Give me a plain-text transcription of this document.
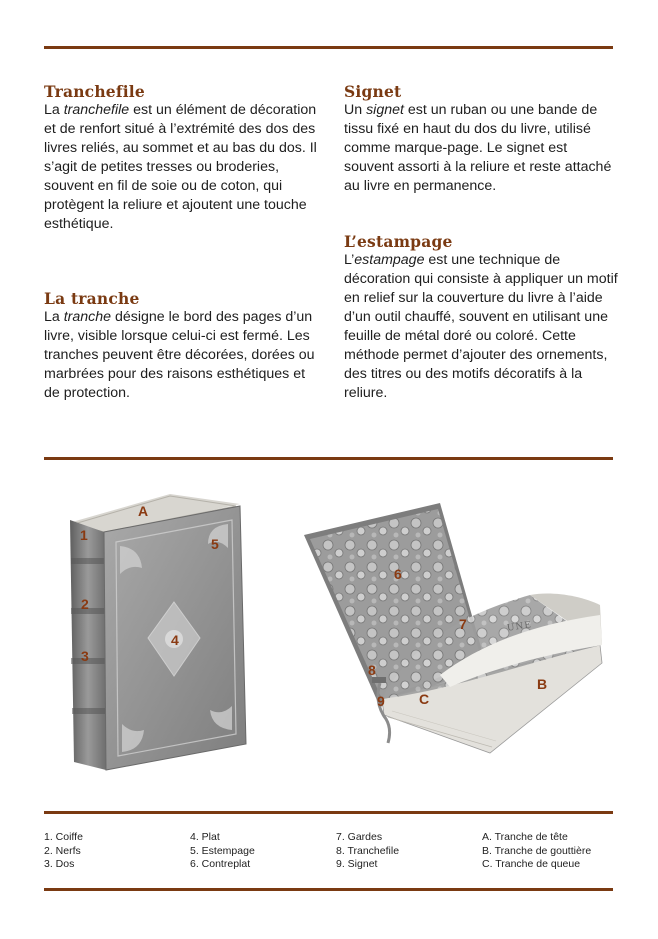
Tranchefile

La tranchefile est un élément de décoration et de renfort situé à l’extrémité des dos des livres reliés, au sommet et au bas du dos. Il s’agit de petites tresses ou broderies, souvent en fil de soie ou de coton, qui protègent la reliure et ajoutent une touche esthétique.

La tranche

La tranche désigne le bord des pages d’un livre, visible lorsque celui-ci est fermé. Les tranches peuvent être décorées, dorées ou marbrées pour des raisons esthétiques et de protection.

Signet

Un signet est un ruban ou une bande de tissu fixé en haut du dos du livre, utilisé comme marque-page. Le signet est souvent assorti à la reliure et reste attaché au livre en permanence.

L’estampage

L’estampage est une technique de décoration qui consiste à appliquer un motif en relief sur la couverture du livre à l’aide d’un outil chauffé, souvent en utilisant une feuille de métal doré ou coloré. Cette méthode permet d’ajouter des ornements, des titres ou des motifs décoratifs à la reliure.

A
1
5
2
4
3
UNE
6
7
8
B
C
9
1. Coiffe
2. Nerfs
3. Dos
4. Plat
5. Estempage
6. Contreplat
7. Gardes
8. Tranchefile
9. Signet
A. Tranche de tête
B. Tranche de gouttière
C. Tranche de queue
